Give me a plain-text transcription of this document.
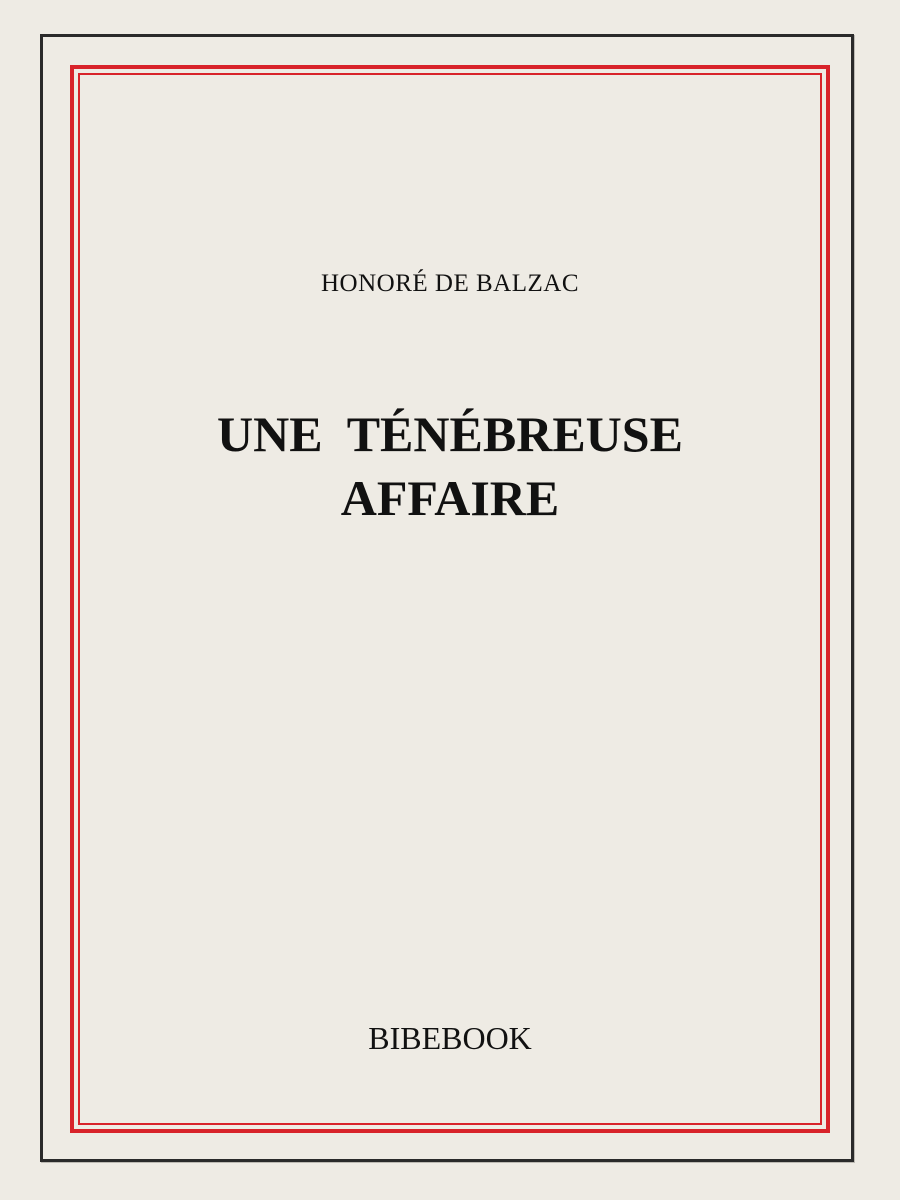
HONORÉ DE BALZAC
UNE  TÉNÉBREUSE
AFFAIRE
BIBEBOOK
